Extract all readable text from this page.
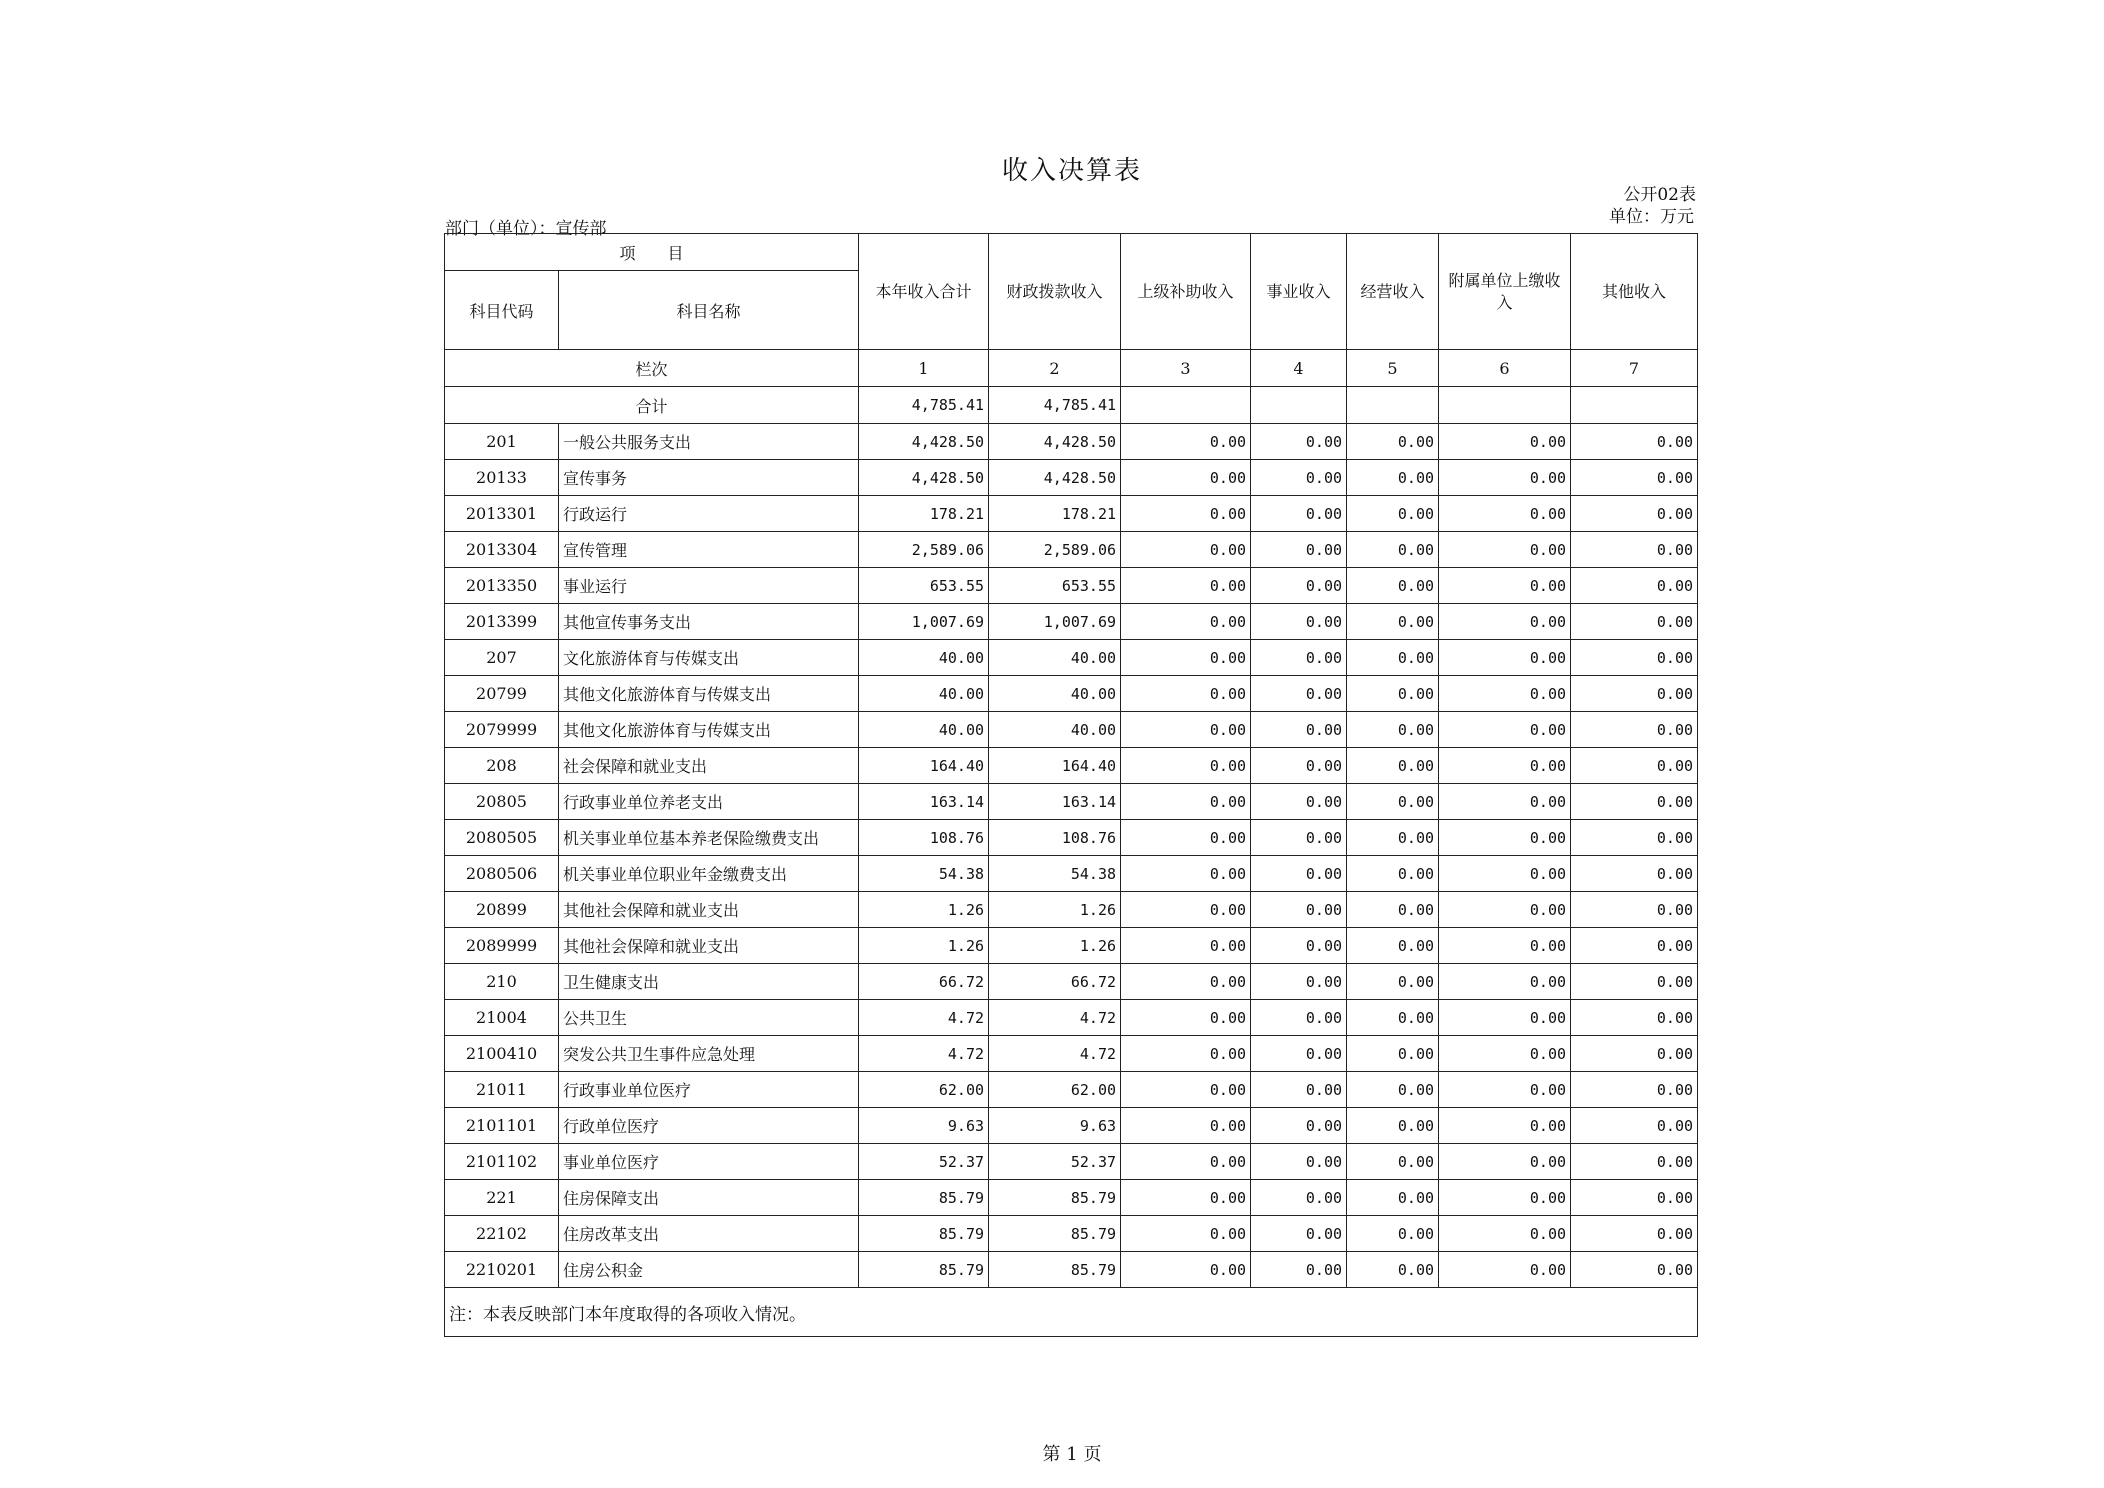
收入决算表
公开02表
单位：万元
部门（单位）：宣传部
项　　目		本年收入合计	财政拨款收入	上级补助收入	事业收入	经营收入	附属单位上缴收入	其他收入
科目代码	科目名称							
栏次		1	2	3	4	5	6	7
合计		4,785.41	4,785.41					
201	一般公共服务支出	4,428.50	4,428.50	0.00	0.00	0.00	0.00	0.00
20133	宣传事务	4,428.50	4,428.50	0.00	0.00	0.00	0.00	0.00
2013301	行政运行	178.21	178.21	0.00	0.00	0.00	0.00	0.00
2013304	宣传管理	2,589.06	2,589.06	0.00	0.00	0.00	0.00	0.00
2013350	事业运行	653.55	653.55	0.00	0.00	0.00	0.00	0.00
2013399	其他宣传事务支出	1,007.69	1,007.69	0.00	0.00	0.00	0.00	0.00
207	文化旅游体育与传媒支出	40.00	40.00	0.00	0.00	0.00	0.00	0.00
20799	其他文化旅游体育与传媒支出	40.00	40.00	0.00	0.00	0.00	0.00	0.00
2079999	其他文化旅游体育与传媒支出	40.00	40.00	0.00	0.00	0.00	0.00	0.00
208	社会保障和就业支出	164.40	164.40	0.00	0.00	0.00	0.00	0.00
20805	行政事业单位养老支出	163.14	163.14	0.00	0.00	0.00	0.00	0.00
2080505	机关事业单位基本养老保险缴费支出	108.76	108.76	0.00	0.00	0.00	0.00	0.00
2080506	机关事业单位职业年金缴费支出	54.38	54.38	0.00	0.00	0.00	0.00	0.00
20899	其他社会保障和就业支出	1.26	1.26	0.00	0.00	0.00	0.00	0.00
2089999	其他社会保障和就业支出	1.26	1.26	0.00	0.00	0.00	0.00	0.00
210	卫生健康支出	66.72	66.72	0.00	0.00	0.00	0.00	0.00
21004	公共卫生	4.72	4.72	0.00	0.00	0.00	0.00	0.00
2100410	突发公共卫生事件应急处理	4.72	4.72	0.00	0.00	0.00	0.00	0.00
21011	行政事业单位医疗	62.00	62.00	0.00	0.00	0.00	0.00	0.00
2101101	行政单位医疗	9.63	9.63	0.00	0.00	0.00	0.00	0.00
2101102	事业单位医疗	52.37	52.37	0.00	0.00	0.00	0.00	0.00
221	住房保障支出	85.79	85.79	0.00	0.00	0.00	0.00	0.00
22102	住房改革支出	85.79	85.79	0.00	0.00	0.00	0.00	0.00
2210201	住房公积金	85.79	85.79	0.00	0.00	0.00	0.00	0.00
注：本表反映部门本年度取得的各项收入情况。								
第 1 页
